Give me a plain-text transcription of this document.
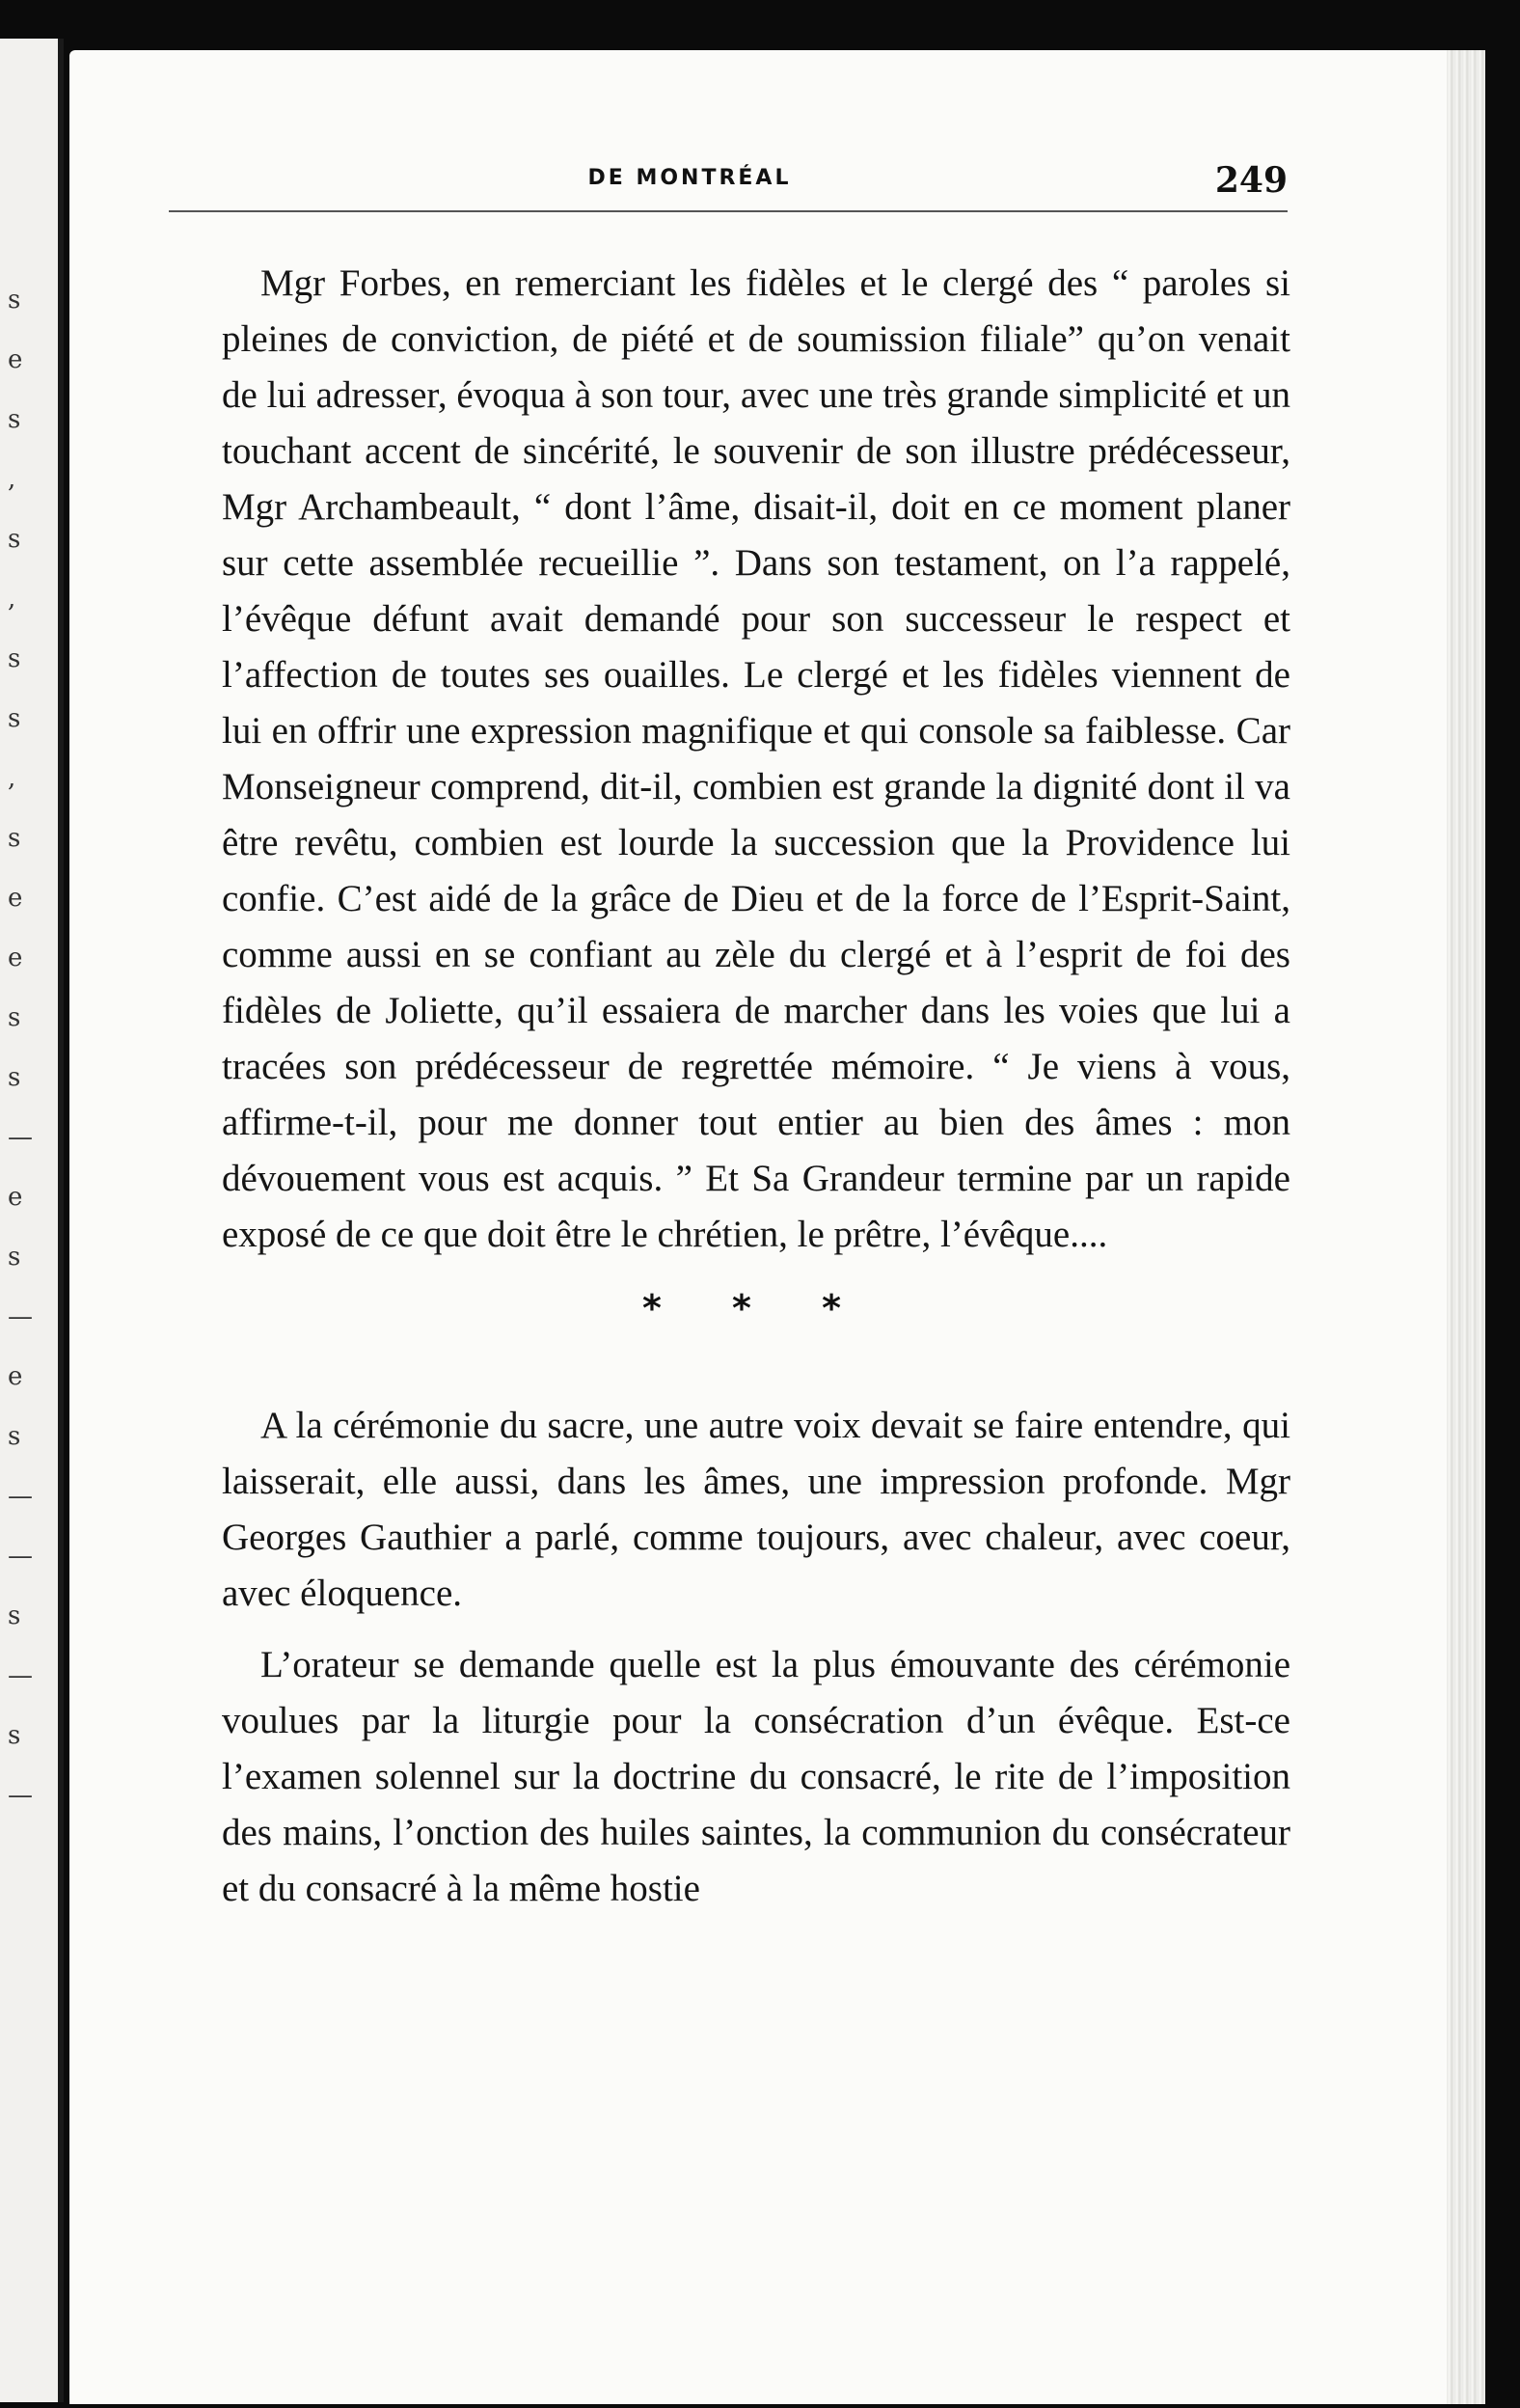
s e s , s , s s , s e e s s — e s — e s — — s — s —
DE MONTRÉAL	249

Mgr Forbes, en remerciant les fidèles et le clergé des “ paroles si pleines de conviction, de piété et de soumission filiale” qu’on venait de lui adresser, évoqua à son tour, avec une très grande simplicité et un touchant accent de sincérité, le souvenir de son illustre prédécesseur, Mgr Archambeault, “ dont l’âme, disait-il, doit en ce moment planer sur cette assemblée recueillie ”. Dans son testament, on l’a rappelé, l’évêque défunt avait demandé pour son successeur le respect et l’affection de toutes ses ouailles. Le clergé et les fidèles viennent de lui en offrir une expression magnifique et qui console sa faiblesse. Car Monseigneur comprend, dit-il, combien est grande la dignité dont il va être revêtu, combien est lourde la succession que la Providence lui confie. C’est aidé de la grâce de Dieu et de la force de l’Esprit-Saint, comme aussi en se confiant au zèle du clergé et à l’esprit de foi des fidèles de Joliette, qu’il essaiera de marcher dans les voies que lui a tracées son prédécesseur de regrettée mémoire. “ Je viens à vous, affirme-t-il, pour me donner tout entier au bien des âmes : mon dévouement vous est acquis. ” Et Sa Grandeur termine par un rapide exposé de ce que doit être le chrétien, le prêtre, l’évêque....

* * *

A la cérémonie du sacre, une autre voix devait se faire entendre, qui laisserait, elle aussi, dans les âmes, une impression profonde. Mgr Georges Gauthier a parlé, comme toujours, avec chaleur, avec coeur, avec éloquence.

L’orateur se demande quelle est la plus émouvante des cérémonie voulues par la liturgie pour la consécration d’un évêque. Est-ce l’examen solennel sur la doctrine du consacré, le rite de l’imposition des mains, l’onction des huiles saintes, la communion du consécrateur et du consacré à la même hostie
